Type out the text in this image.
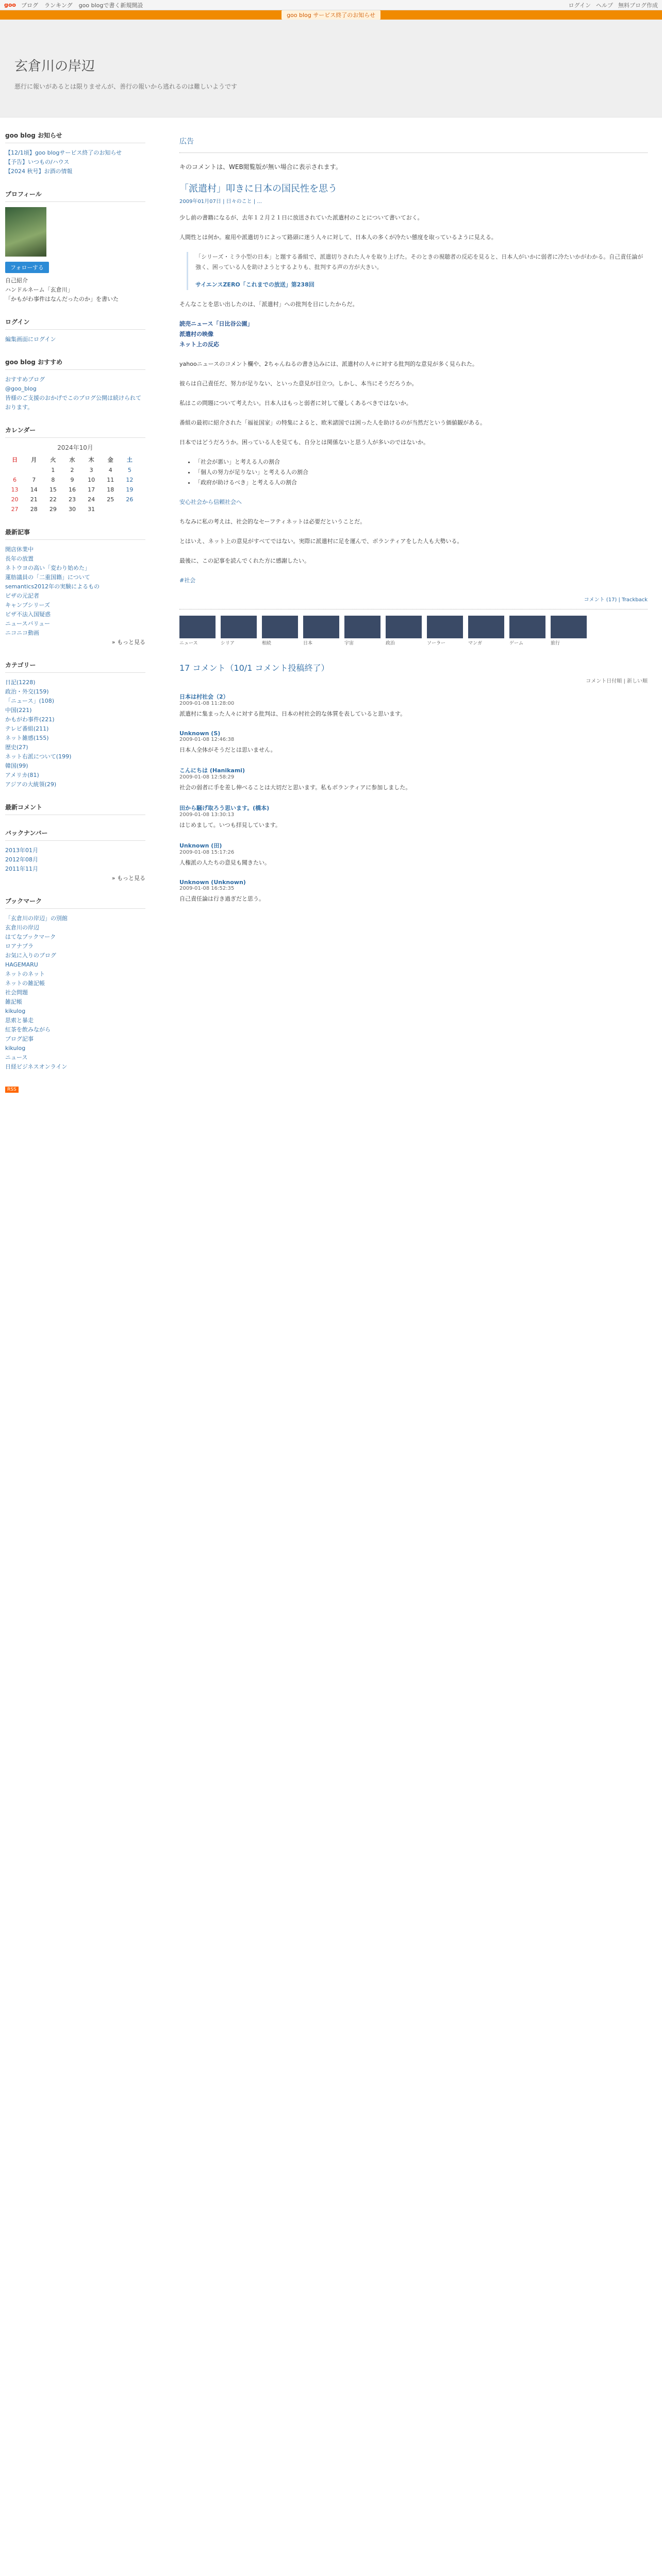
goo ブログ ランキング goo blogで書く新規開設	ログイン ヘルプ 無料ブログ作成
goo blog サービス終了のお知らせ
玄倉川の岸辺
悪行に報いがあるとは限りませんが、善行の報いから逃れるのは難しいようです
goo blog お知らせ
【12/1頃】goo blogサービス終了のお知らせ
【予告】いつもの/ハウス
【2024 秋号】お酒の情報
プロフィール
フォローする
自己紹介
ハンドルネーム「玄倉川」
「かもがわ事件はなんだったのか」を書いた
ログイン
編集画面にログイン
goo blog おすすめ
おすすめブログ
@goo_blog
皆様のご支援のおかげでこのブログ公開は続けられております。
カレンダー
2024年10月
日	月	火	水	木	金	土
		1	2	3	4	5
6	7	8	9	10	11	12
13	14	15	16	17	18	19
20	21	22	23	24	25	26
27	28	29	30	31		
最新記事
開店休業中
長年の放置
ネトウヨの高い「変わり始めた」
蓮舫議員の「二重国籍」について
semantics2012年の実験によるもの
ビザの元記者
キャンプシリーズ
ビザ不法入国疑惑
ニュースバリュー
ニコニコ動画
» もっと見る
カテゴリー
日記(1228)
政治・外交(159)
「ニュース」(108)
中国(221)
かもがわ事件(221)
テレビ番組(211)
ネット雑感(155)
歴史(27)
ネット右派について(199)
韓国(99)
アメリカ(81)
アジアの大統領(29)
最新コメント
バックナンバー
2013年01月
2012年08月
2011年11月
» もっと見る
ブックマーク
「玄倉川の岸辺」の別館
玄倉川の岸辺
はてなブックマーク
ロアナプラ
お気に入りのブログ
HAGEMARU
ネットのネット
ネットの雑記帳
社会問題
雑記帳
kikulog
思索と暴走
紅茶を飲みながら
ブログ記事
kikulog
ニュース
日経ビジネスオンライン
RSS
広告
キのコメントは、WEB閲覧版が無い場合に表示されます。
「派遣村」叩きに日本の国民性を思う
2009年01月07日 | 日々のこと | ...

少し前の書籍になるが、去年１２月２１日に放送されていた派遣村のことについて書いておく。

人間性とは何か。雇用や派遣切りによって路頭に迷う人々に対して、日本人の多くが冷たい態度を取っているように見える。

「シリーズ・ミラ小型の日本」と題する番組で、派遣切りされた人々を取り上げた。そのときの視聴者の反応を見ると、日本人がいかに弱者に冷たいかがわかる。自己責任論が強く、困っている人を助けようとするよりも、批判する声の方が大きい。
サイエンスZERO「これまでの放送」第238回

そんなことを思い出したのは、「派遣村」への批判を目にしたからだ。

読売ニュース「日比谷公園」
派遣村の映像
ネット上の反応

yahooニュースのコメント欄や、2ちゃんねるの書き込みには、派遣村の人々に対する批判的な意見が多く見られた。

彼らは自己責任だ、努力が足りない、といった意見が目立つ。しかし、本当にそうだろうか。

私はこの問題について考えたい。日本人はもっと弱者に対して優しくあるべきではないか。

番組の最初に紹介された「福祉国家」の特集によると、欧米諸国では困った人を助けるのが当然だという価値観がある。

日本ではどうだろうか。困っている人を見ても、自分とは関係ないと思う人が多いのではないか。

• 「社会が悪い」と考える人の割合
• 「個人の努力が足りない」と考える人の割合
• 「政府が助けるべき」と考える人の割合

安心社会から信頼社会へ

ちなみに私の考えは、社会的なセーフティネットは必要だということだ。

とはいえ、ネット上の意見がすべてではない。実際に派遣村に足を運んで、ボランティアをした人も大勢いる。

最後に、この記事を読んでくれた方に感謝したい。

#社会
コメント (17) | Trackback
ニュース	シリア	相続	日本	宇宙	政治	ソーラー	マンガ	ゲーム	旅行
17 コメント（10/1 コメント投稿終了）
コメント日付順 | 新しい順
日本は村社会（2）
2009-01-08 11:28:00
派遣村に集まった人々に対する批判は、日本の村社会的な体質を表していると思います。
Unknown (S)
2009-01-08 12:46:38
日本人全体がそうだとは思いません。
こんにちは (Hanikami)
2009-01-08 12:58:29
社会の弱者に手を差し伸べることは大切だと思います。私もボランティアに参加しました。
田から騒げ取ろう思います。(橋本)
2009-01-08 13:30:13
はじめまして。いつも拝見しています。
Unknown (田)
2009-01-08 15:17:26
人権派の人たちの意見も聞きたい。
Unknown (Unknown)
2009-01-08 16:52:35
自己責任論は行き過ぎだと思う。
